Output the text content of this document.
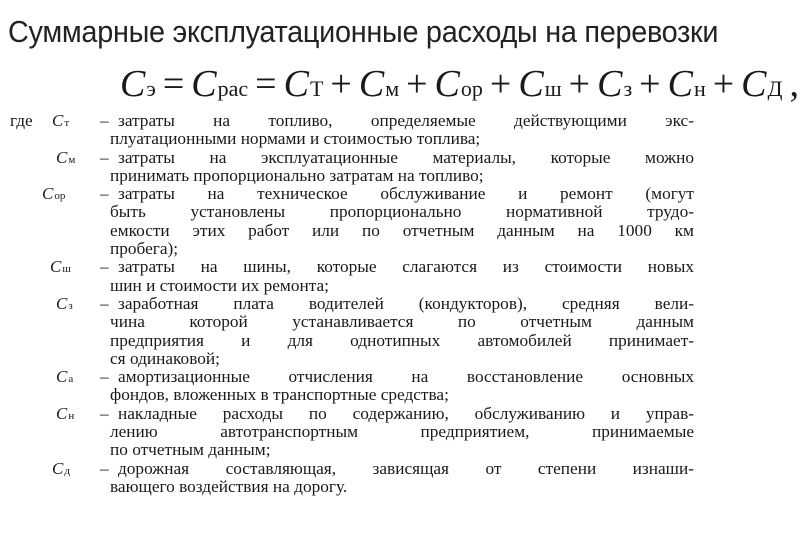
Суммарные эксплуатационные расходы на перевозки
C э = C рас = C Т + C м + C ор + C ш + C з + C н + C Д ,
где Cт – затраты на топливо, определяемые действующими экс-
плуатационными нормами и стоимостью топлива;
Cм – затраты на эксплуатационные материалы, которые можно
принимать пропорционально затратам на топливо;
Cор – затраты на техническое обслуживание и ремонт (могут
быть установлены пропорционально нормативной трудо-
емкости этих работ или по отчетным данным на 1000 км
пробега);
Cш – затраты на шины, которые слагаются из стоимости новых
шин и стоимости их ремонта;
Cз – заработная плата водителей (кондукторов), средняя вели-
чина которой устанавливается по отчетным данным
предприятия и для однотипных автомобилей принимает-
ся одинаковой;
Cа – амортизационные отчисления на восстановление основных
фондов, вложенных в транспортные средства;
Cн – накладные расходы по содержанию, обслуживанию и управ-
лению автотранспортным предприятием, принимаемые
по отчетным данным;
Cд – дорожная составляющая, зависящая от степени изнаши-
вающего воздействия на дорогу.
